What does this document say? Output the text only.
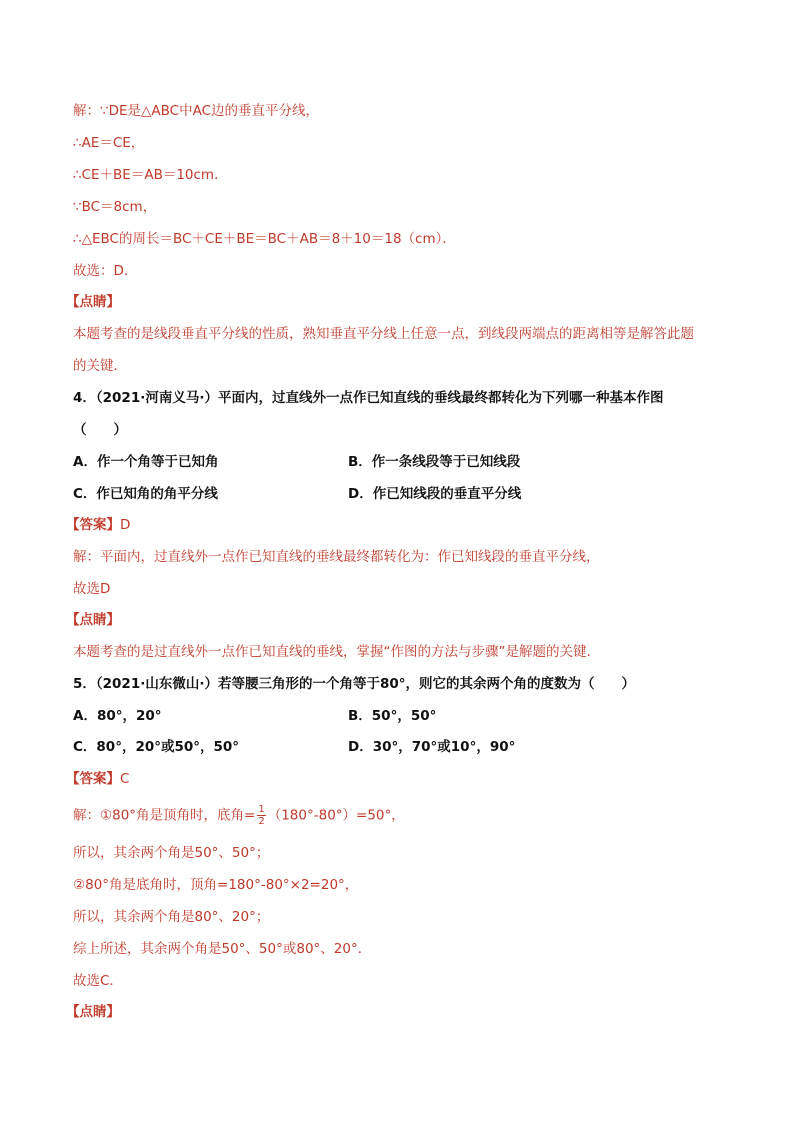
解：∵DE是△ABC中AC边的垂直平分线，
∴AE＝CE，
∴CE＋BE＝AB＝10cm．
∵BC＝8cm，
∴△EBC的周长＝BC＋CE＋BE＝BC＋AB＝8＋10＝18（cm）．
故选：D．
【点睛】
本题考查的是线段垂直平分线的性质，熟知垂直平分线上任意一点，到线段两端点的距离相等是解答此题
的关键．
4．（2021·河南义马·）平面内，过直线外一点作已知直线的垂线最终都转化为下列哪一种基本作图
（　　）
A．作一个角等于已知角	B．作一条线段等于已知线段
C．作已知角的角平分线	D．作已知线段的垂直平分线
【答案】D
解：平面内，过直线外一点作已知直线的垂线最终都转化为：作已知线段的垂直平分线，
故选D
【点睛】
本题考查的是过直线外一点作已知直线的垂线，掌握“作图的方法与步骤”是解题的关键.
5．（2021·山东微山·）若等腰三角形的一个角等于80°，则它的其余两个角的度数为（　　）
A．80°，20°	B．50°，50°
C．80°，20°或50°，50°	D．30°，70°或10°，90°
【答案】C
解：①80°角是顶角时，底角= $\frac{1}{2} (180^\circ-80^\circ)=50^\circ$，
所以，其余两个角是50°、50°；
②80°角是底角时，顶角=180°-80°×2=20°，
所以，其余两个角是80°、20°；
综上所述，其余两个角是50°、50°或80°、20°．
故选C．
【点睛】
